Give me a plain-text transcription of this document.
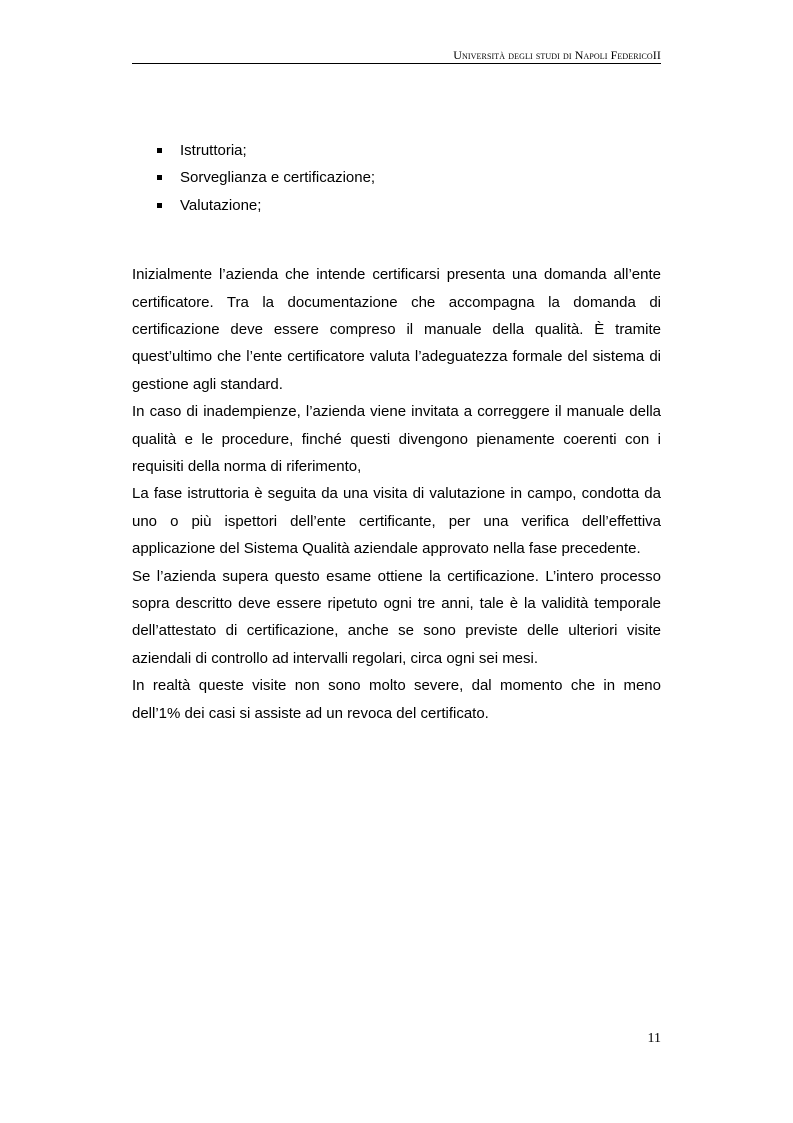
Università degli studi di Napoli FedericoII
Istruttoria;
Sorveglianza e certificazione;
Valutazione;

Inizialmente l’azienda che intende certificarsi presenta una domanda all’ente certificatore. Tra la documentazione che accompagna la domanda di certificazione deve essere compreso il manuale della qualità. È tramite quest’ultimo che l’ente certificatore valuta l’adeguatezza formale del sistema di gestione agli standard.

In caso di inadempienze, l’azienda viene invitata a correggere il manuale della qualità e le procedure, finché questi divengono pienamente coerenti con i requisiti della norma di riferimento,

La fase istruttoria è seguita da una visita di valutazione in campo, condotta da uno o più ispettori dell’ente certificante, per una verifica dell’effettiva applicazione del Sistema Qualità aziendale approvato nella fase precedente.

Se l’azienda supera questo esame ottiene la certificazione. L’intero processo sopra descritto deve essere ripetuto ogni tre anni, tale è la validità temporale dell’attestato di certificazione, anche se sono previste delle ulteriori visite aziendali di controllo ad intervalli regolari, circa ogni sei mesi.

In realtà queste visite non sono molto severe, dal momento che in meno dell’1% dei casi si assiste ad un revoca del certificato.

11
